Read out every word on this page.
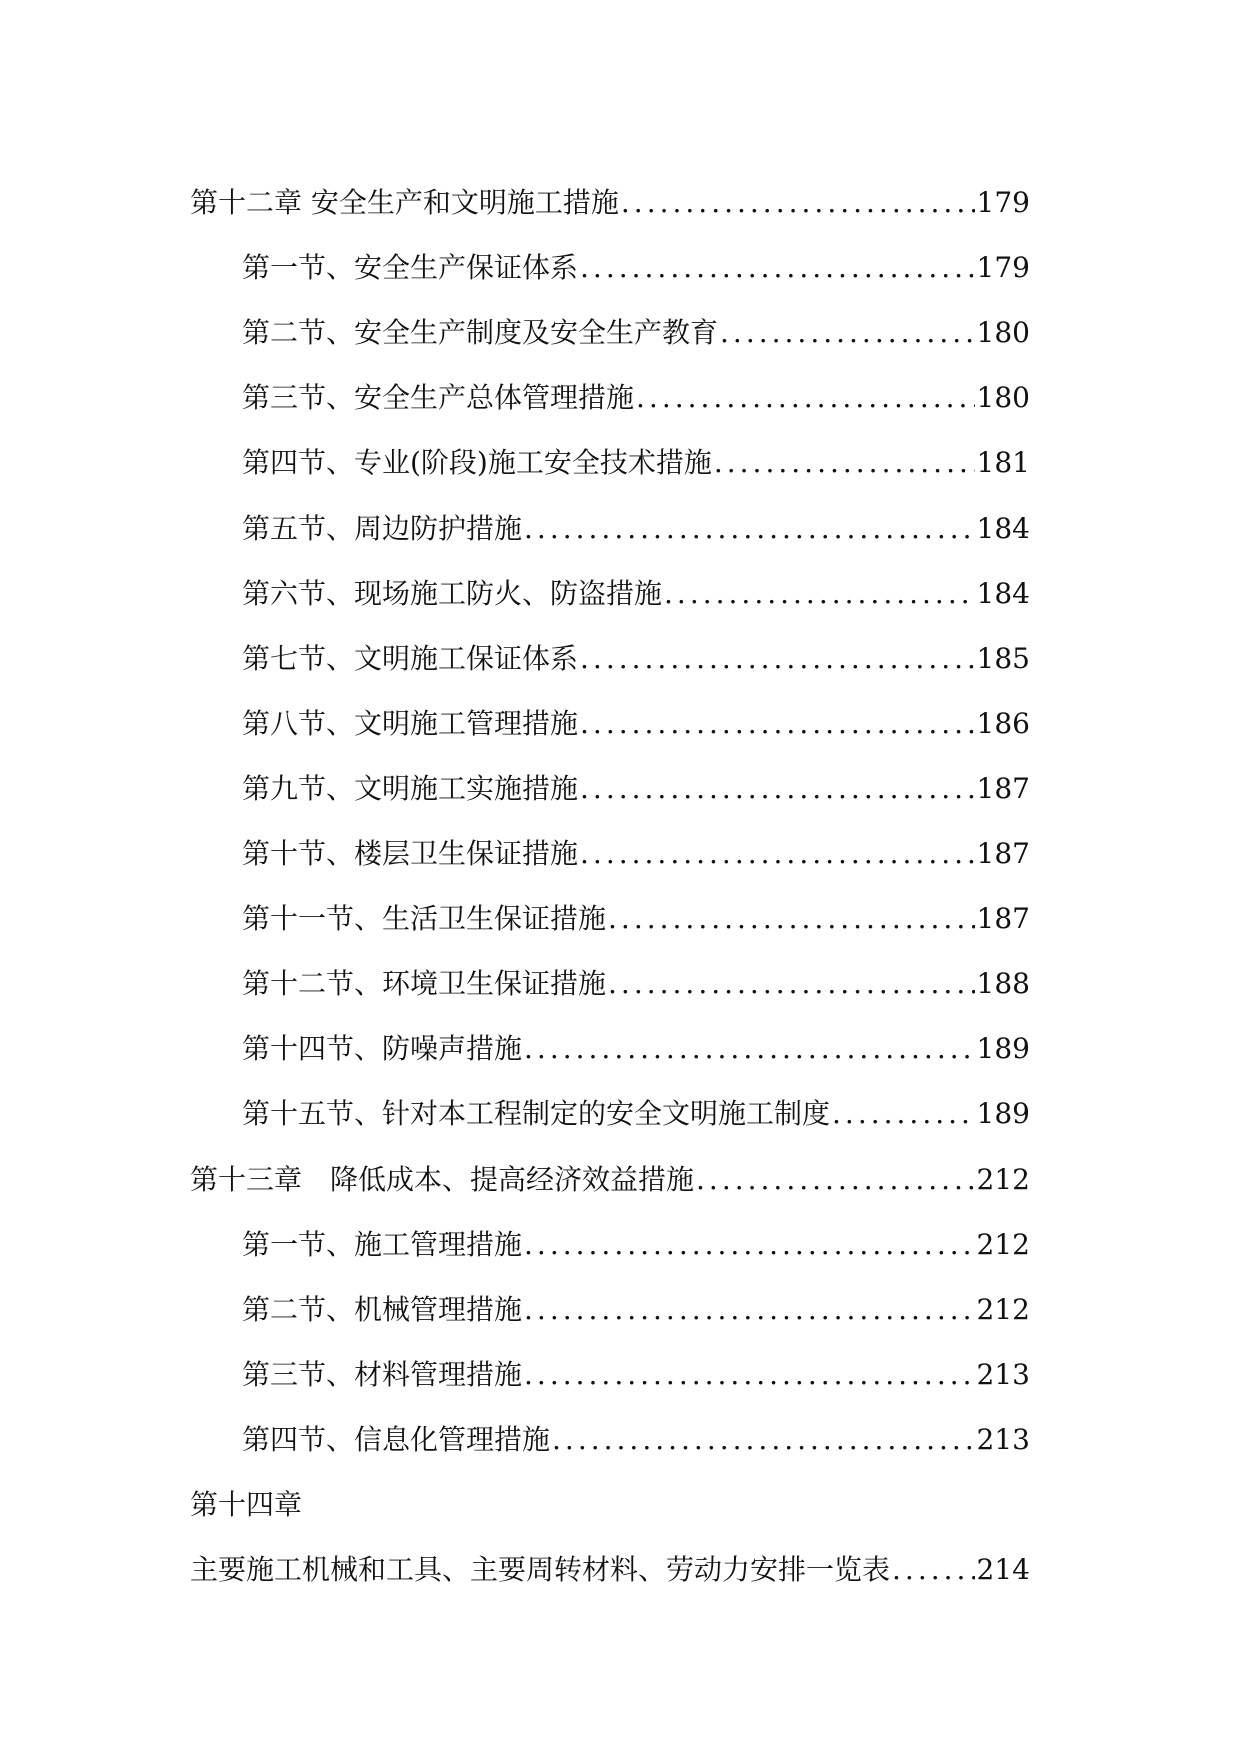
第十二章 安全生产和文明施工措施 .....	179
第一节、安全生产保证体系 .....	179
第二节、安全生产制度及安全生产教育 .....	180
第三节、安全生产总体管理措施 .....	180
第四节、专业(阶段)施工安全技术措施 .....	181
第五节、周边防护措施 .....	184
第六节、现场施工防火、防盗措施 .....	184
第七节、文明施工保证体系 .....	185
第八节、文明施工管理措施 .....	186
第九节、文明施工实施措施 .....	187
第十节、楼层卫生保证措施 .....	187
第十一节、生活卫生保证措施 .....	187
第十二节、环境卫生保证措施 .....	188
第十四节、防噪声措施 .....	189
第十五节、针对本工程制定的安全文明施工制度 .....	189
第十三章　降低成本、提高经济效益措施 .....	212
第一节、施工管理措施 .....	212
第二节、机械管理措施 .....	212
第三节、材料管理措施 .....	213
第四节、信息化管理措施 .....	213
第十四章
主要施工机械和工具、主要周转材料、劳动力安排一览表 .....	214
